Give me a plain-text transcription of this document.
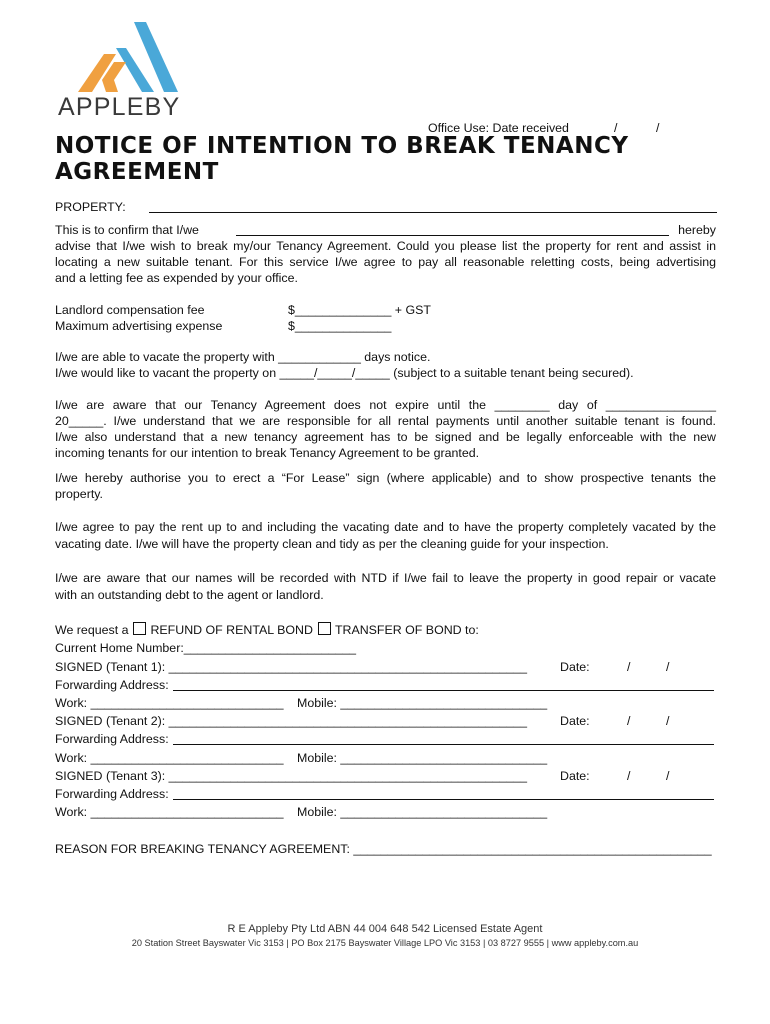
APPLEBY
Office Use: Date received	/	/
NOTICE OF INTENTION TO BREAK TENANCY AGREEMENT
PROPERTY:
This is to confirm that I/we	hereby
advise that I/we wish to break my/our Tenancy Agreement. Could you please list the property for rent and assist in
locating a new suitable tenant. For this service I/we agree to pay all reasonable reletting costs, being advertising
and a letting fee as expended by your office.
Landlord compensation fee	$______________ + GST
Maximum advertising expense	$______________
I/we are able to vacate the property with ____________ days notice.
I/we would like to vacant the property on _____/_____/_____ (subject to a suitable tenant being secured).
I/we are aware that our Tenancy Agreement does not expire until the ________ day of ________________
20_____. I/we understand that we are responsible for all rental payments until another suitable tenant is found.
I/we also understand that a new tenancy agreement has to be signed and be legally enforceable with the new
incoming tenants for our intention to break Tenancy Agreement to be granted.
I/we hereby authorise you to erect a “For Lease” sign (where applicable) and to show prospective tenants the
property.
I/we agree to pay the rent up to and including the vacating date and to have the property completely vacated by the
vacating date. I/we will have the property clean and tidy as per the cleaning guide for your inspection.
I/we are aware that our names will be recorded with NTD if I/we fail to leave the property in good repair or vacate
with an outstanding debt to the agent or landlord.
We request a REFUND OF RENTAL BOND TRANSFER OF BOND to:
Current Home Number:_________________________
SIGNED (Tenant 1): ____________________________________________________	Date:	/	/
Forwarding Address:
Work: ____________________________ Mobile: ______________________________
SIGNED (Tenant 2): ____________________________________________________	Date:	/	/
Forwarding Address:
Work: ____________________________ Mobile: ______________________________
SIGNED (Tenant 3): ____________________________________________________	Date:	/	/
Forwarding Address:
Work: ____________________________ Mobile: ______________________________
REASON FOR BREAKING TENANCY AGREEMENT: ____________________________________________________
R E Appleby Pty Ltd ABN 44 004 648 542 Licensed Estate Agent
20 Station Street Bayswater Vic 3153 | PO Box 2175 Bayswater Village LPO Vic 3153 | 03 8727 9555 | www appleby.com.au
